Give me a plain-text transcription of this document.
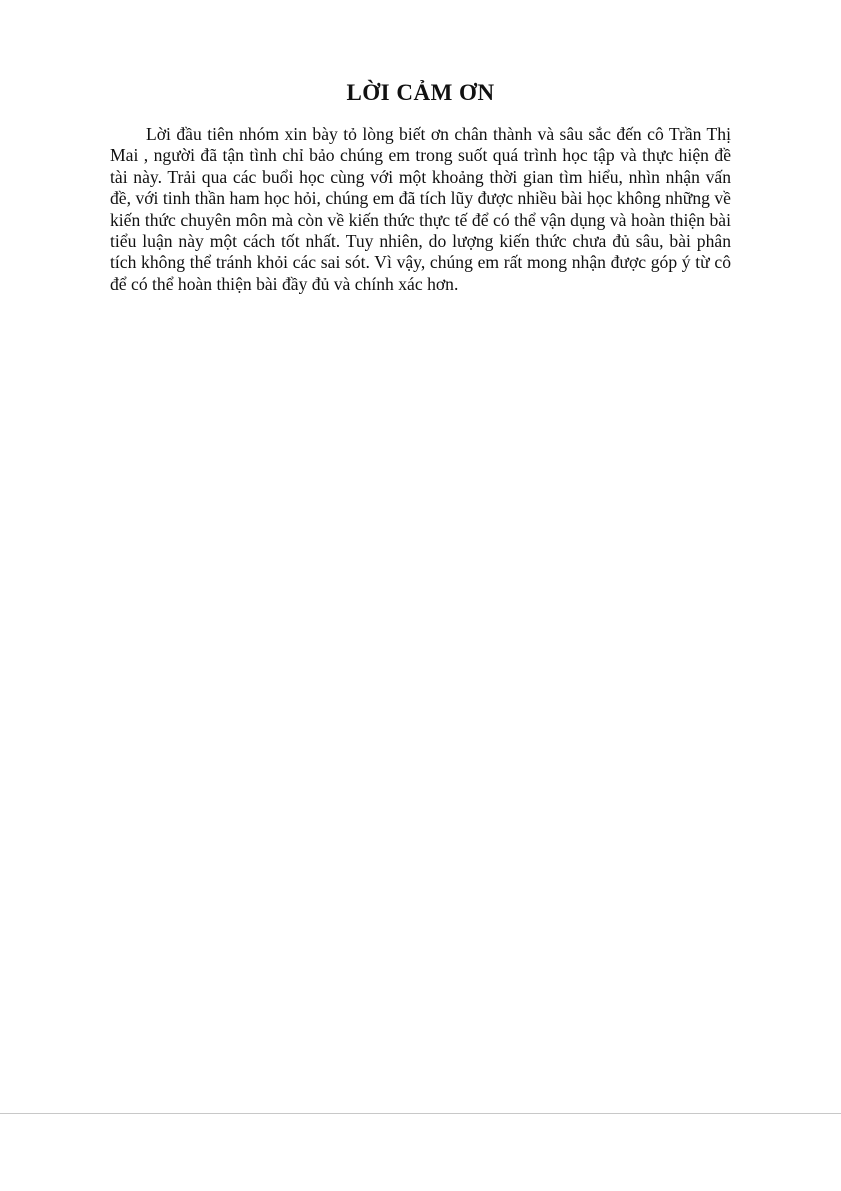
LỜI CẢM ƠN

Lời đầu tiên nhóm xin bày tỏ lòng biết ơn chân thành và sâu sắc đến cô Trần Thị Mai , người đã tận tình chỉ bảo chúng em trong suốt quá trình học tập và thực hiện đề tài này. Trải qua các buổi học cùng với một khoảng thời gian tìm hiểu, nhìn nhận vấn đề, với tinh thần ham học hỏi, chúng em đã tích lũy được nhiều bài học không những về kiến thức chuyên môn mà còn về kiến thức thực tế để có thể vận dụng và hoàn thiện bài tiểu luận này một cách tốt nhất. Tuy nhiên, do lượng kiến thức chưa đủ sâu, bài phân tích không thể tránh khỏi các sai sót. Vì vậy, chúng em rất mong nhận được góp ý từ cô để có thể hoàn thiện bài đầy đủ và chính xác hơn.
